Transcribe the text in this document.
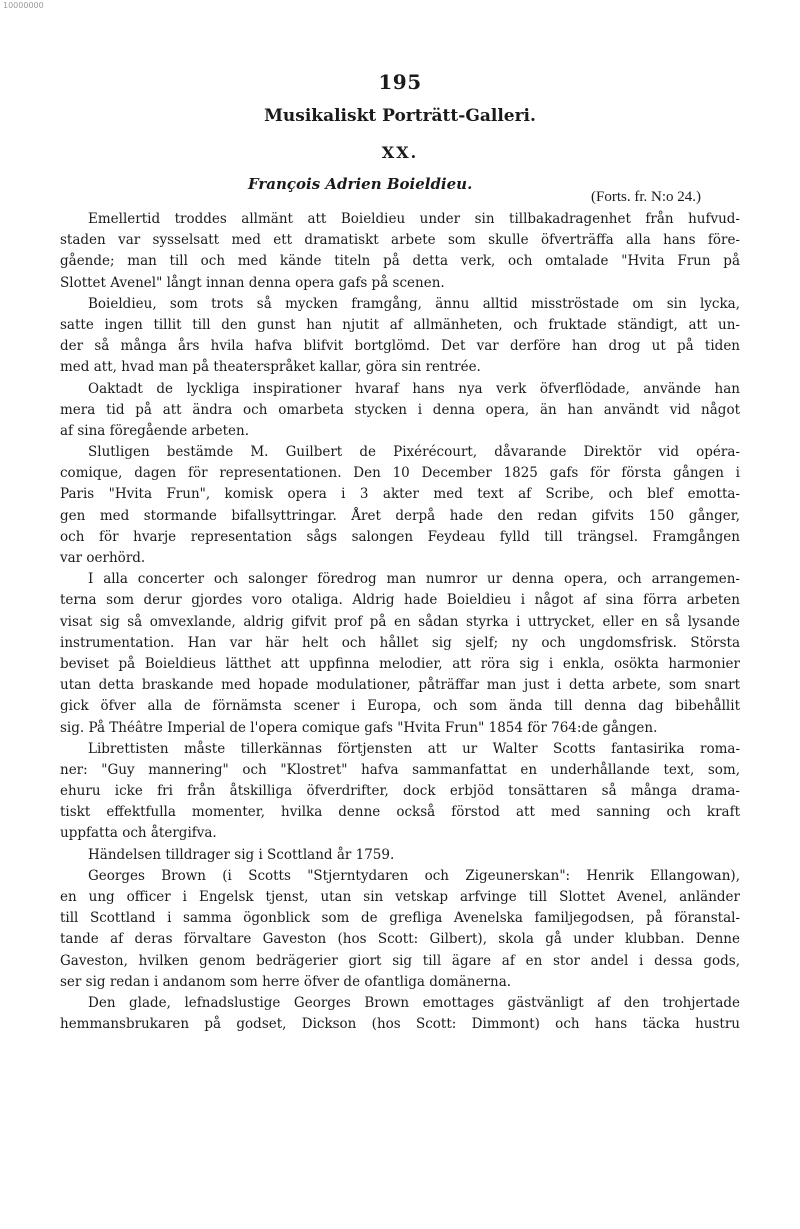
10000000
195
Musikaliskt Porträtt-Galleri.
XX.
François Adrien Boieldieu.
(Forts. fr. N:o 24.)
Emellertid troddes allmänt att Boieldieu under sin tillbakadragenhet från hufvud-
staden var sysselsatt med ett dramatiskt arbete som skulle öfverträffa alla hans före-
gående; man till och med kände titeln på detta verk, och omtalade "Hvita Frun på
Slottet Avenel" långt innan denna opera gafs på scenen.
Boieldieu, som trots så mycken framgång, ännu alltid misströstade om sin lycka,
satte ingen tillit till den gunst han njutit af allmänheten, och fruktade ständigt, att un-
der så många års hvila hafva blifvit bortglömd. Det var derföre han drog ut på tiden
med att, hvad man på theaterspråket kallar, göra sin rentrée.
Oaktadt de lyckliga inspirationer hvaraf hans nya verk öfverflödade, använde han
mera tid på att ändra och omarbeta stycken i denna opera, än han användt vid något
af sina föregående arbeten.
Slutligen bestämde M. Guilbert de Pixérécourt, dåvarande Direktör vid opéra-
comique, dagen för representationen. Den 10 December 1825 gafs för första gången i
Paris "Hvita Frun", komisk opera i 3 akter med text af Scribe, och blef emotta-
gen med stormande bifallsyttringar. Året derpå hade den redan gifvits 150 gånger,
och för hvarje representation sågs salongen Feydeau fylld till trängsel. Framgången
var oerhörd.
I alla concerter och salonger föredrog man numror ur denna opera, och arrangemen-
terna som derur gjordes voro otaliga. Aldrig hade Boieldieu i något af sina förra arbeten
visat sig så omvexlande, aldrig gifvit prof på en sådan styrka i uttrycket, eller en så lysande
instrumentation. Han var här helt och hållet sig sjelf; ny och ungdomsfrisk. Största
beviset på Boieldieus lätthet att uppfinna melodier, att röra sig i enkla, osökta harmonier
utan detta braskande med hopade modulationer, påträffar man just i detta arbete, som snart
gick öfver alla de förnämsta scener i Europa, och som ända till denna dag bibehållit
sig. På Théâtre Imperial de l'opera comique gafs "Hvita Frun" 1854 för 764:de gången.
Librettisten måste tillerkännas förtjensten att ur Walter Scotts fantasirika roma-
ner: "Guy mannering" och "Klostret" hafva sammanfattat en underhållande text, som,
ehuru icke fri från åtskilliga öfverdrifter, dock erbjöd tonsättaren så många drama-
tiskt effektfulla momenter, hvilka denne också förstod att med sanning och kraft
uppfatta och återgifva.
Händelsen tilldrager sig i Scottland år 1759.
Georges Brown (i Scotts "Stjerntydaren och Zigeunerskan": Henrik Ellangowan),
en ung officer i Engelsk tjenst, utan sin vetskap arfvinge till Slottet Avenel, anländer
till Scottland i samma ögonblick som de grefliga Avenelska familjegodsen, på föranstal-
tande af deras förvaltare Gaveston (hos Scott: Gilbert), skola gå under klubban. Denne
Gaveston, hvilken genom bedrägerier giort sig till ägare af en stor andel i dessa gods,
ser sig redan i andanom som herre öfver de ofantliga domänerna.
Den glade, lefnadslustige Georges Brown emottages gästvänligt af den trohjertade
hemmansbrukaren på godset, Dickson (hos Scott: Dimmont) och hans täcka hustru
